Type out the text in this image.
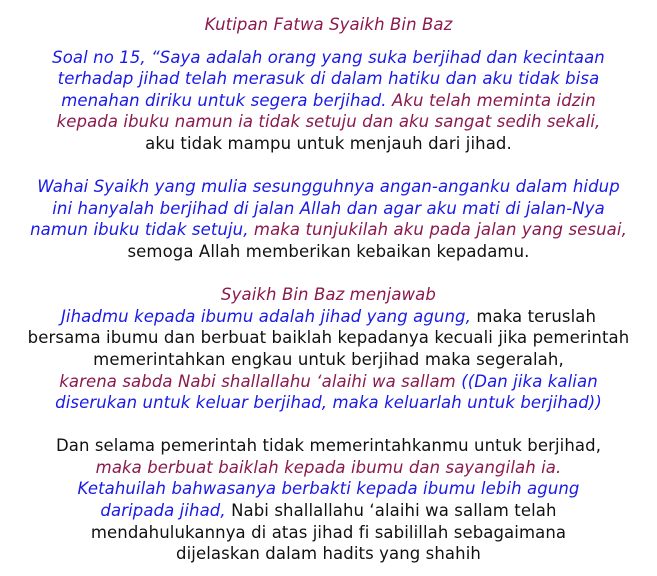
Kutipan Fatwa Syaikh Bin Baz
Soal no 15, “Saya adalah orang yang suka berjihad dan kecintaan
terhadap jihad telah merasuk di dalam hatiku dan aku tidak bisa
menahan diriku untuk segera berjihad. Aku telah meminta idzin
kepada ibuku namun ia tidak setuju dan aku sangat sedih sekali,
aku tidak mampu untuk menjauh dari jihad.
Wahai Syaikh yang mulia sesungguhnya angan-anganku dalam hidup
ini hanyalah berjihad di jalan Allah dan agar aku mati di jalan-Nya
namun ibuku tidak setuju, maka tunjukilah aku pada jalan yang sesuai,
semoga Allah memberikan kebaikan kepadamu.
Syaikh Bin Baz menjawab
Jihadmu kepada ibumu adalah jihad yang agung, maka teruslah
bersama ibumu dan berbuat baiklah kepadanya kecuali jika pemerintah
memerintahkan engkau untuk berjihad maka segeralah,
karena sabda Nabi shallallahu ‘alaihi wa sallam ((Dan jika kalian
diserukan untuk keluar berjihad, maka keluarlah untuk berjihad))
Dan selama pemerintah tidak memerintahkanmu untuk berjihad,
maka berbuat baiklah kepada ibumu dan sayangilah ia.
Ketahuilah bahwasanya berbakti kepada ibumu lebih agung
daripada jihad, Nabi shallallahu ‘alaihi wa sallam telah
mendahulukannya di atas jihad fi sabilillah sebagaimana
dijelaskan dalam hadits yang shahih
